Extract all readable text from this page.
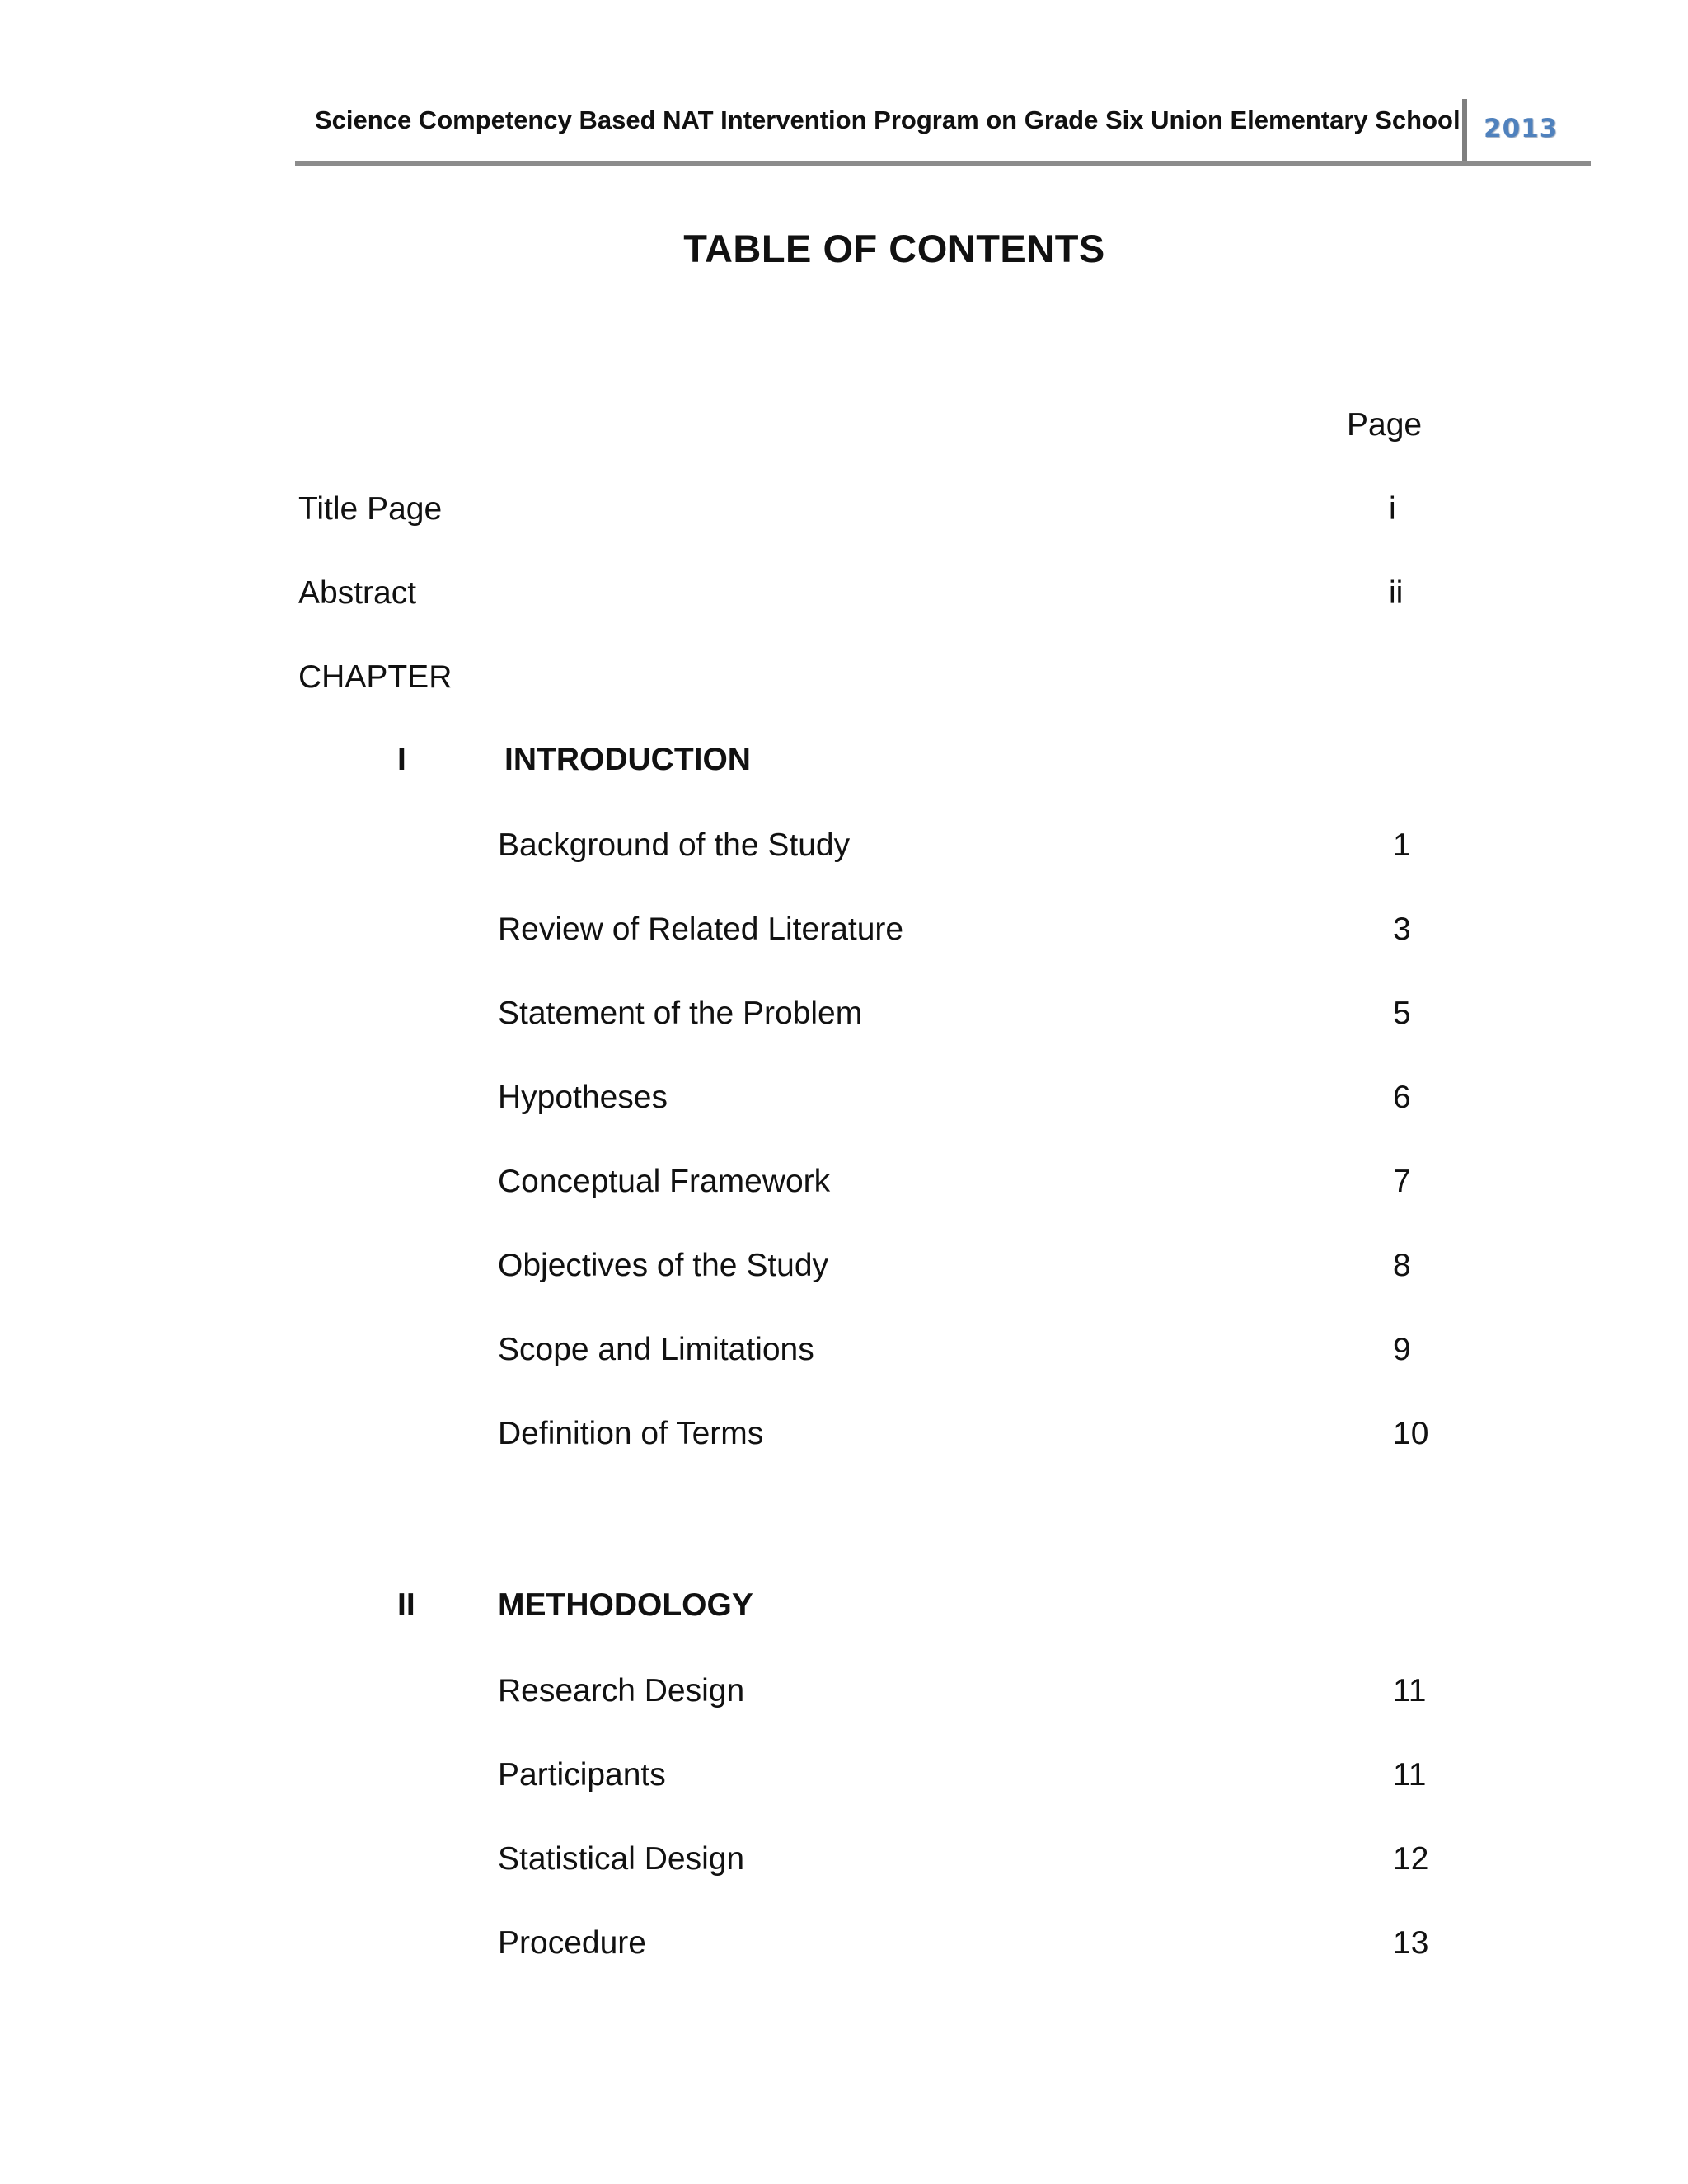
Science Competency Based NAT Intervention Program on Grade Six Union Elementary School 2013
TABLE OF CONTENTS
Page
Title Page	i
Abstract	ii
CHAPTER
I	INTRODUCTION
Background of the Study	1
Review of Related Literature	3
Statement of the Problem	5
Hypotheses	6
Conceptual Framework	7
Objectives of the Study	8
Scope and Limitations	9
Definition of Terms	10
II	METHODOLOGY
Research Design	11
Participants	11
Statistical Design	12
Procedure	13
